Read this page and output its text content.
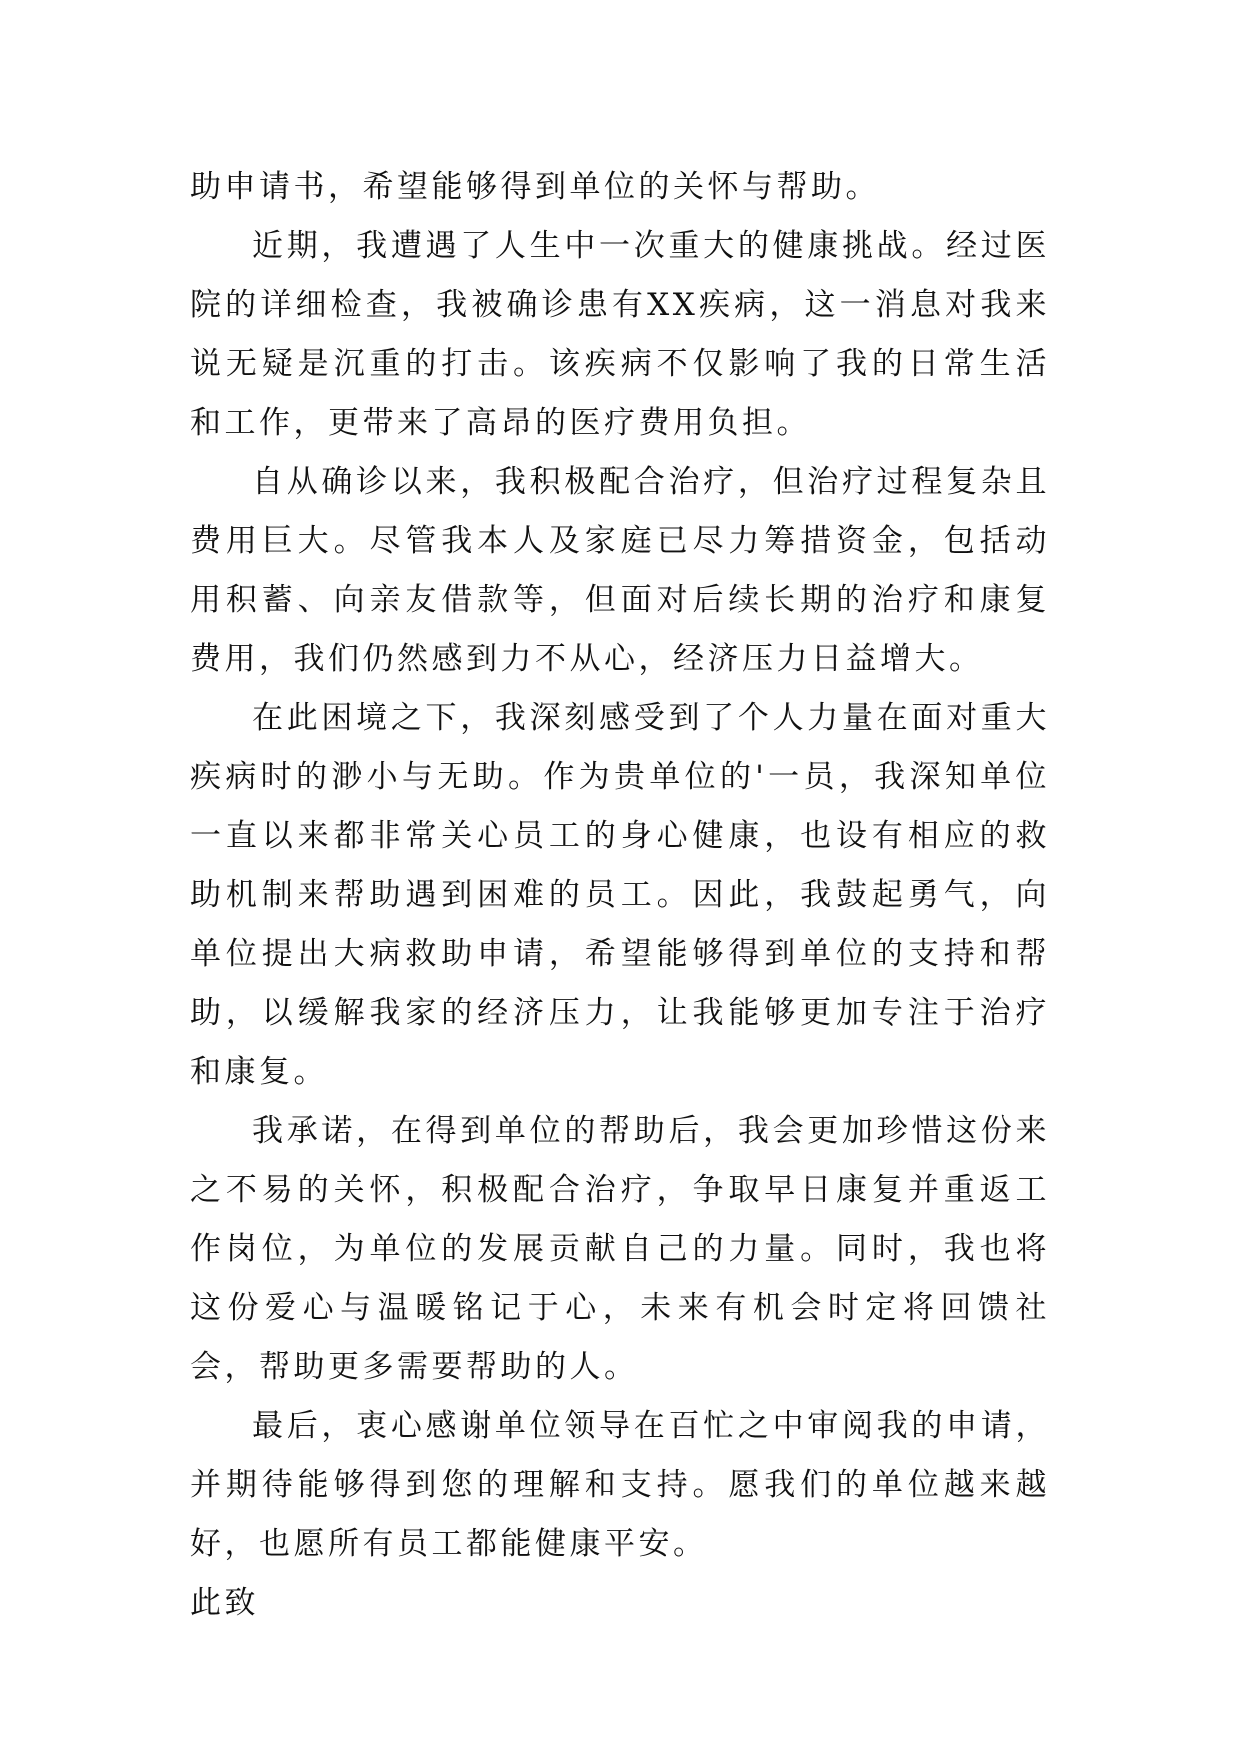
助申请书，希望能够得到单位的关怀与帮助。

近期，我遭遇了人生中一次重大的健康挑战。经过医院的详细检查，我被确诊患有XX疾病，这一消息对我来说无疑是沉重的打击。该疾病不仅影响了我的日常生活和工作，更带来了高昂的医疗费用负担。

自从确诊以来，我积极配合治疗，但治疗过程复杂且费用巨大。尽管我本人及家庭已尽力筹措资金，包括动用积蓄、向亲友借款等，但面对后续长期的治疗和康复费用，我们仍然感到力不从心，经济压力日益增大。

在此困境之下，我深刻感受到了个人力量在面对重大疾病时的渺小与无助。作为贵单位的'一员，我深知单位一直以来都非常关心员工的身心健康，也设有相应的救助机制来帮助遇到困难的员工。因此，我鼓起勇气，向单位提出大病救助申请，希望能够得到单位的支持和帮助，以缓解我家的经济压力，让我能够更加专注于治疗和康复。

我承诺，在得到单位的帮助后，我会更加珍惜这份来之不易的关怀，积极配合治疗，争取早日康复并重返工作岗位，为单位的发展贡献自己的力量。同时，我也将这份爱心与温暖铭记于心，未来有机会时定将回馈社会，帮助更多需要帮助的人。

最后，衷心感谢单位领导在百忙之中审阅我的申请，并期待能够得到您的理解和支持。愿我们的单位越来越好，也愿所有员工都能健康平安。

此致
